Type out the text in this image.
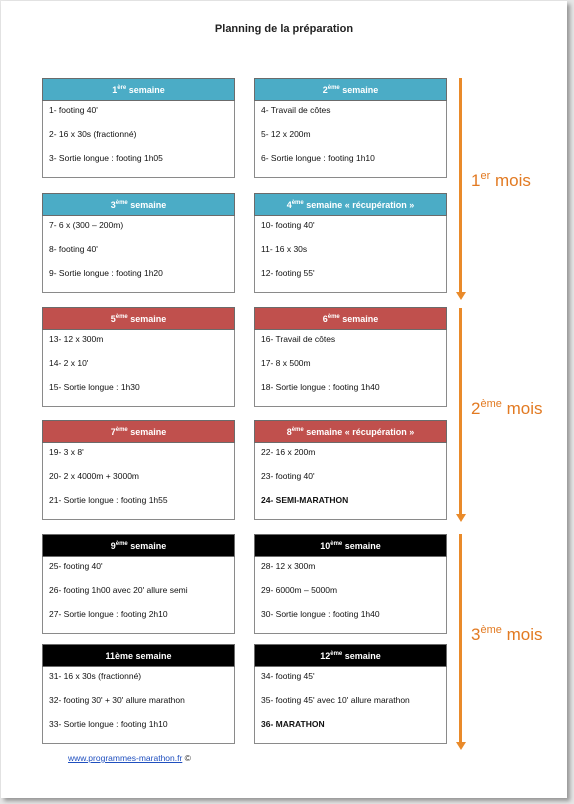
Planning de la préparation
1ère semaine
1- footing 40'
2- 16 x 30s (fractionné)
3- Sortie longue : footing 1h05
2ème semaine
4- Travail de côtes
5- 12 x 200m
6- Sortie longue : footing 1h10
3ème semaine
7- 6 x (300 – 200m)
8- footing 40'
9- Sortie longue : footing 1h20
4ème semaine « récupération »
10- footing 40'
11- 16 x 30s
12- footing 55'
5ème semaine
13- 12 x 300m
14- 2 x 10'
15- Sortie longue : 1h30
6ème semaine
16- Travail de côtes
17- 8 x 500m
18- Sortie longue : footing 1h40
7ème semaine
19- 3 x 8'
20- 2 x 4000m + 3000m
21- Sortie longue : footing 1h55
8ème semaine « récupération »
22- 16 x 200m
23- footing 40'
24- SEMI-MARATHON
9ème semaine
25- footing 40'
26- footing 1h00 avec 20' allure semi
27- Sortie longue : footing 2h10
10ème semaine
28- 12 x 300m
29- 6000m – 5000m
30- Sortie longue : footing 1h40
11ème semaine
31- 16 x 30s (fractionné)
32- footing 30' + 30' allure marathon
33- Sortie longue : footing 1h10
12ème semaine
34- footing 45'
35- footing 45' avec 10' allure marathon
36- MARATHON
1er mois
2ème mois
3ème mois
www.programmes-marathon.fr ©
